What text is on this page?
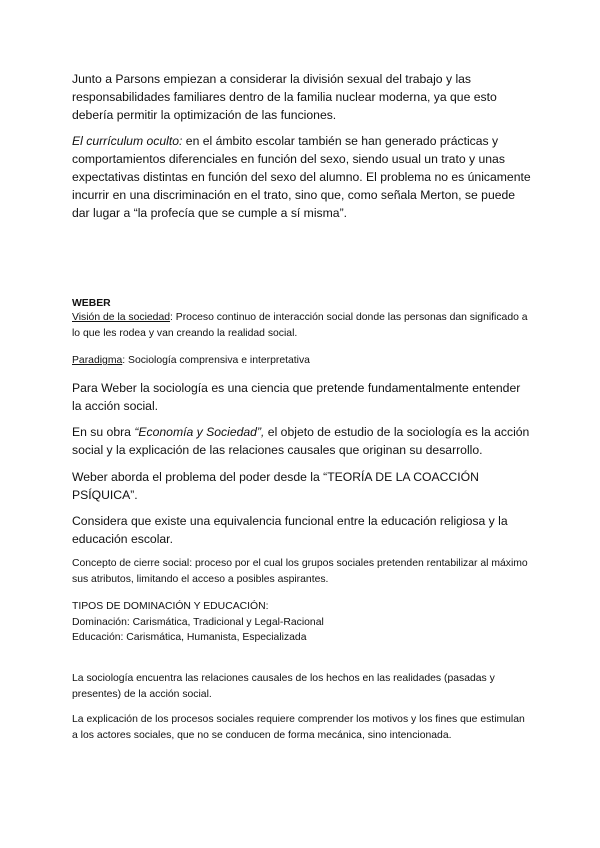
Junto a Parsons empiezan a considerar la división sexual del trabajo y las responsabilidades familiares dentro de la familia nuclear moderna, ya que esto debería permitir la optimización de las funciones.

El currículum oculto: en el ámbito escolar también se han generado prácticas y comportamientos diferenciales en función del sexo, siendo usual un trato y unas expectativas distintas en función del sexo del alumno. El problema no es únicamente incurrir en una discriminación en el trato, sino que, como señala Merton, se puede dar lugar a “la profecía que se cumple a sí misma”.

WEBER

Visión de la sociedad: Proceso continuo de interacción social donde las personas dan significado a lo que les rodea y van creando la realidad social.

Paradigma: Sociología comprensiva e interpretativa

Para Weber la sociología es una ciencia que pretende fundamentalmente entender la acción social.

En su obra “Economía y Sociedad”, el objeto de estudio de la sociología es la acción social y la explicación de las relaciones causales que originan su desarrollo.

Weber aborda el problema del poder desde la “TEORÍA DE LA COACCIÓN PSÍQUICA”.

Considera que existe una equivalencia funcional entre la educación religiosa y la educación escolar.

Concepto de cierre social: proceso por el cual los grupos sociales pretenden rentabilizar al máximo sus atributos, limitando el acceso a posibles aspirantes.

TIPOS DE DOMINACIÓN Y EDUCACIÓN:

Dominación: Carismática, Tradicional y Legal-Racional

Educación: Carismática, Humanista, Especializada

La sociología encuentra las relaciones causales de los hechos en las realidades (pasadas y presentes) de la acción social.

La explicación de los procesos sociales requiere comprender los motivos y los fines que estimulan a los actores sociales, que no se conducen de forma mecánica, sino intencionada.
